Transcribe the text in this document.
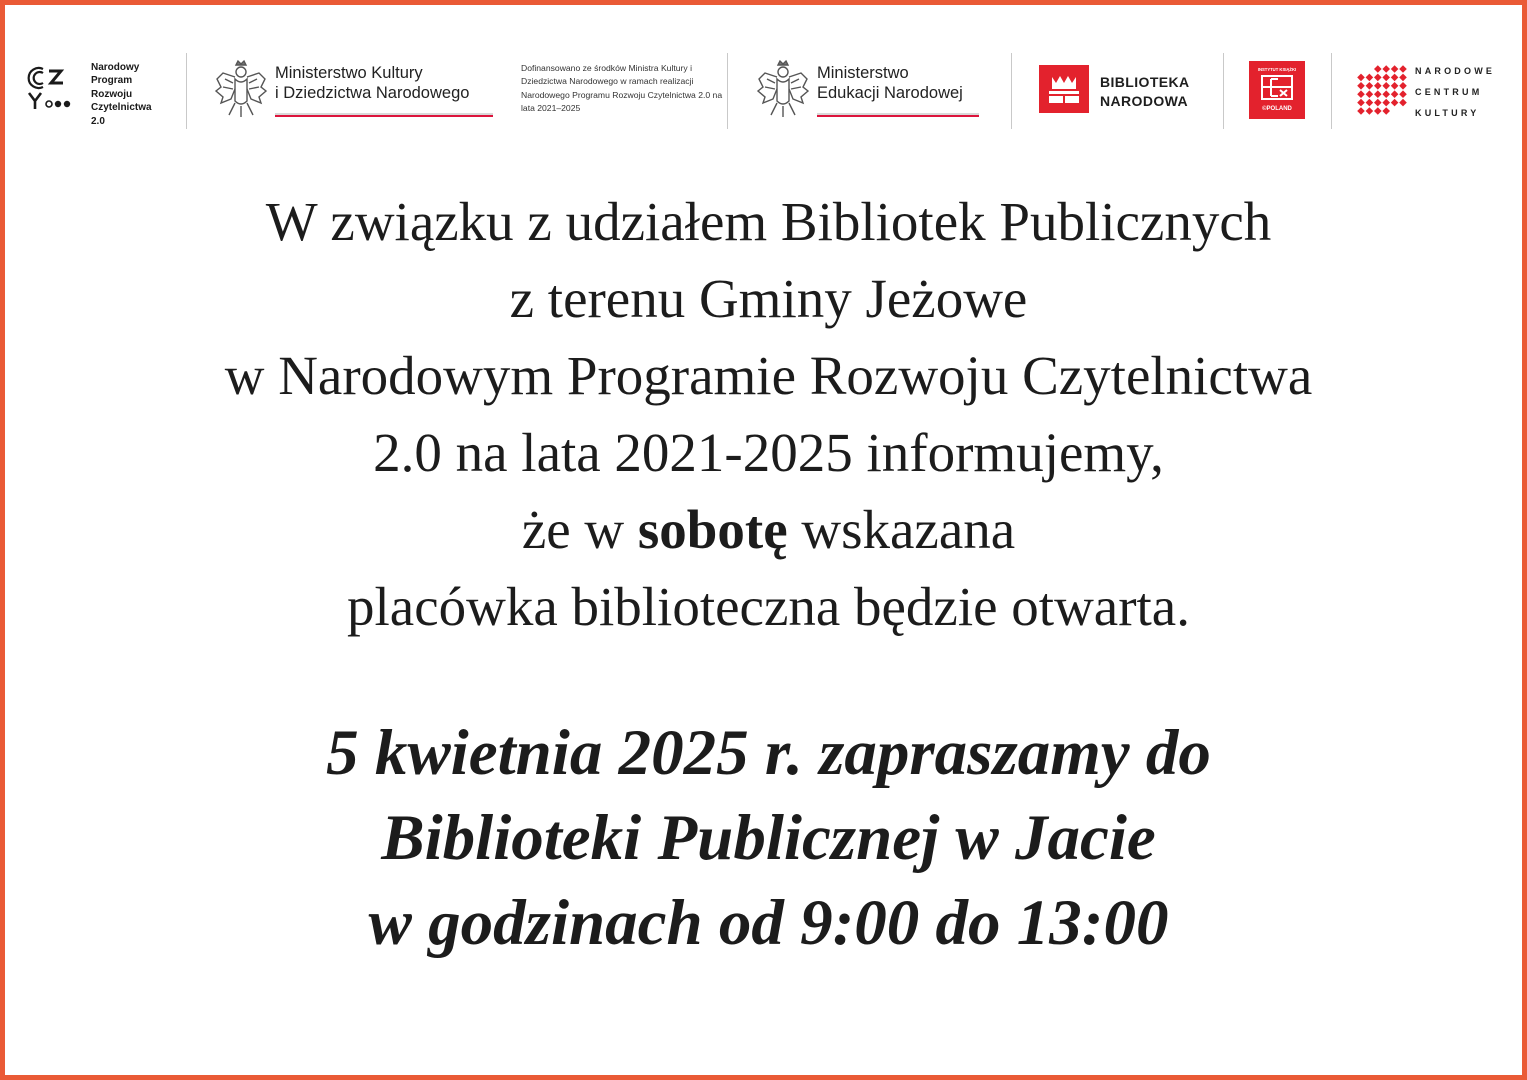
Narodowy
Program
Rozwoju
Czytelnictwa
2.0
Ministerstwo Kultury
i Dziedzictwa Narodowego
Dofinansowano ze środków Ministra Kultury i Dziedzictwa Narodowego w ramach realizacji Narodowego Programu Rozwoju Czytelnictwa 2.0 na lata 2021–2025
Ministerstwo
Edukacji Narodowej
BIBLIOTEKA
NARODOWA
INSTYTUT KSIĄŻKI
©POLAND
NARODOWE
CENTRUM
KULTURY
W związku z udziałem Bibliotek Publicznych
z terenu Gminy Jeżowe
w Narodowym Programie Rozwoju Czytelnictwa
2.0 na lata 2021-2025 informujemy,
że w sobotę wskazana
placówka biblioteczna będzie otwarta.
5 kwietnia 2025 r. zapraszamy do
Biblioteki Publicznej w Jacie
w godzinach od 9:00 do 13:00
